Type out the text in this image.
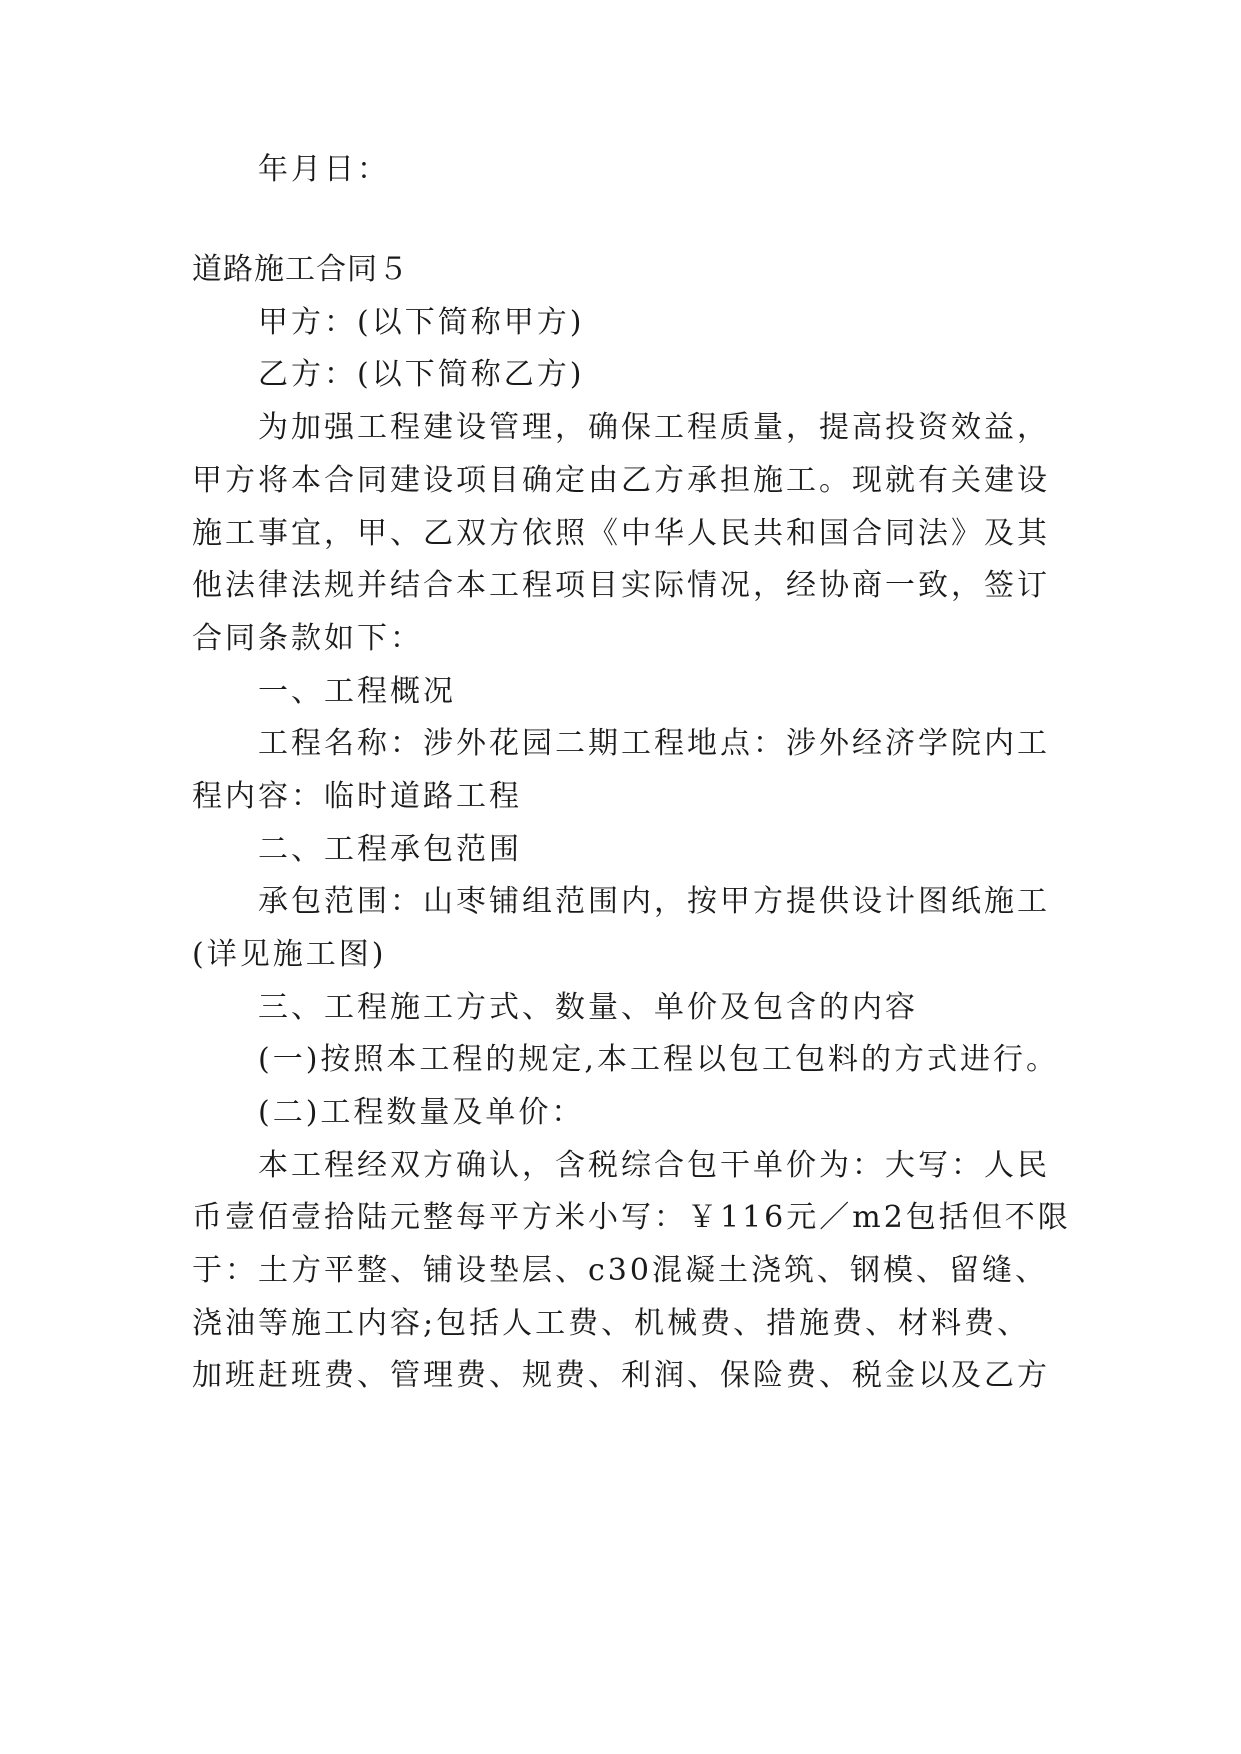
年月日：
道路施工合同５
甲方：(以下简称甲方)
乙方：(以下简称乙方)
为加强工程建设管理，确保工程质量，提高投资效益，
甲方将本合同建设项目确定由乙方承担施工。现就有关建设
施工事宜，甲、乙双方依照《中华人民共和国合同法》及其
他法律法规并结合本工程项目实际情况，经协商一致，签订
合同条款如下：
一、工程概况
工程名称：涉外花园二期工程地点：涉外经济学院内工
程内容：临时道路工程
二、工程承包范围
承包范围：山枣铺组范围内，按甲方提供设计图纸施工
(详见施工图)
三、工程施工方式、数量、单价及包含的内容
(一)按照本工程的规定,本工程以包工包料的方式进行。
(二)工程数量及单价：
本工程经双方确认，含税综合包干单价为：大写：人民
币壹佰壹拾陆元整每平方米小写：￥116元／m2包括但不限
于：土方平整、铺设垫层、c30混凝土浇筑、钢模、留缝、
浇油等施工内容;包括人工费、机械费、措施费、材料费、
加班赶班费、管理费、规费、利润、保险费、税金以及乙方
